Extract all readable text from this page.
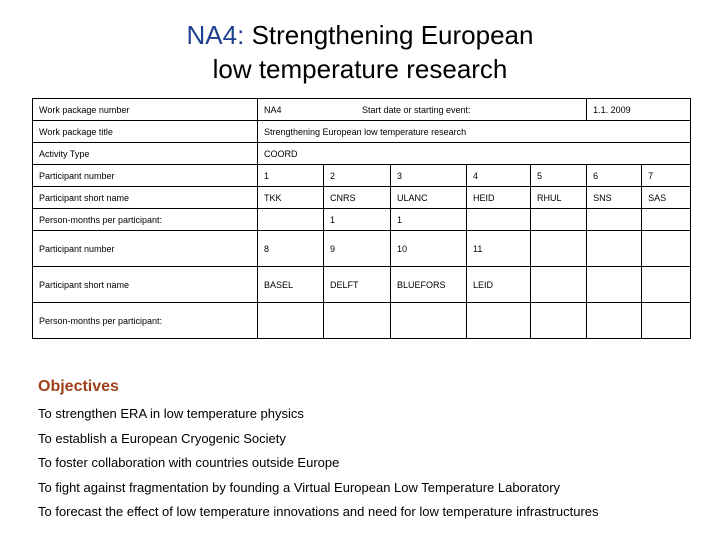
NA4: Strengthening European
low temperature research
Work package number	NA4 Start date or starting event:					1.1. 2009	
Work package title	Strengthening European low temperature research						
Activity Type	COORD						
Participant number	1	2	3	4	5	6	7
Participant short name	TKK	CNRS	ULANC	HEID	RHUL	SNS	SAS
Person-months per participant:		1	1				
Participant number	8	9	10	11			
Participant short name	BASEL	DELFT	BLUEFORS	LEID			
Person-months per participant:							
Objectives
To strengthen ERA in low temperature physics
To establish a European Cryogenic Society
To foster collaboration with countries outside Europe
To fight against fragmentation by founding a Virtual European Low Temperature Laboratory
To forecast the effect of low temperature innovations and need for low temperature infrastructures
